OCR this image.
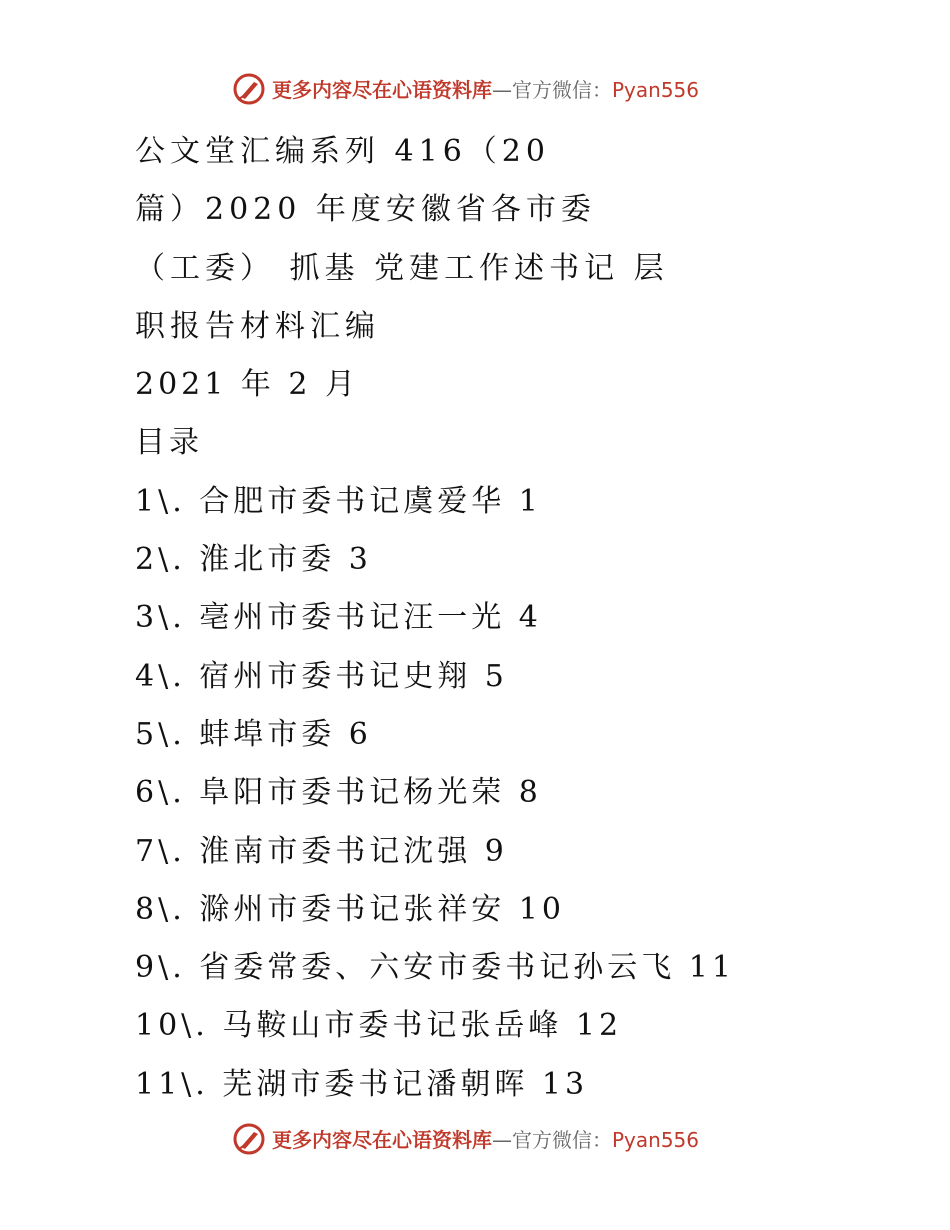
更多内容尽在心语资料库—官方微信：Pyan556
公文堂汇编系列 416（20
篇）2020 年度安徽省各市委
（工委） 抓基 党建工作述书记 层
职报告材料汇编
2021 年 2 月
目录
1\. 合肥市委书记虞爱华 1
2\. 淮北市委 3
3\. 亳州市委书记汪一光 4
4\. 宿州市委书记史翔 5
5\. 蚌埠市委 6
6\. 阜阳市委书记杨光荣 8
7\. 淮南市委书记沈强 9
8\. 滁州市委书记张祥安 10
9\. 省委常委、六安市委书记孙云飞 11
10\. 马鞍山市委书记张岳峰 12
11\. 芜湖市委书记潘朝晖 13
更多内容尽在心语资料库—官方微信：Pyan556
